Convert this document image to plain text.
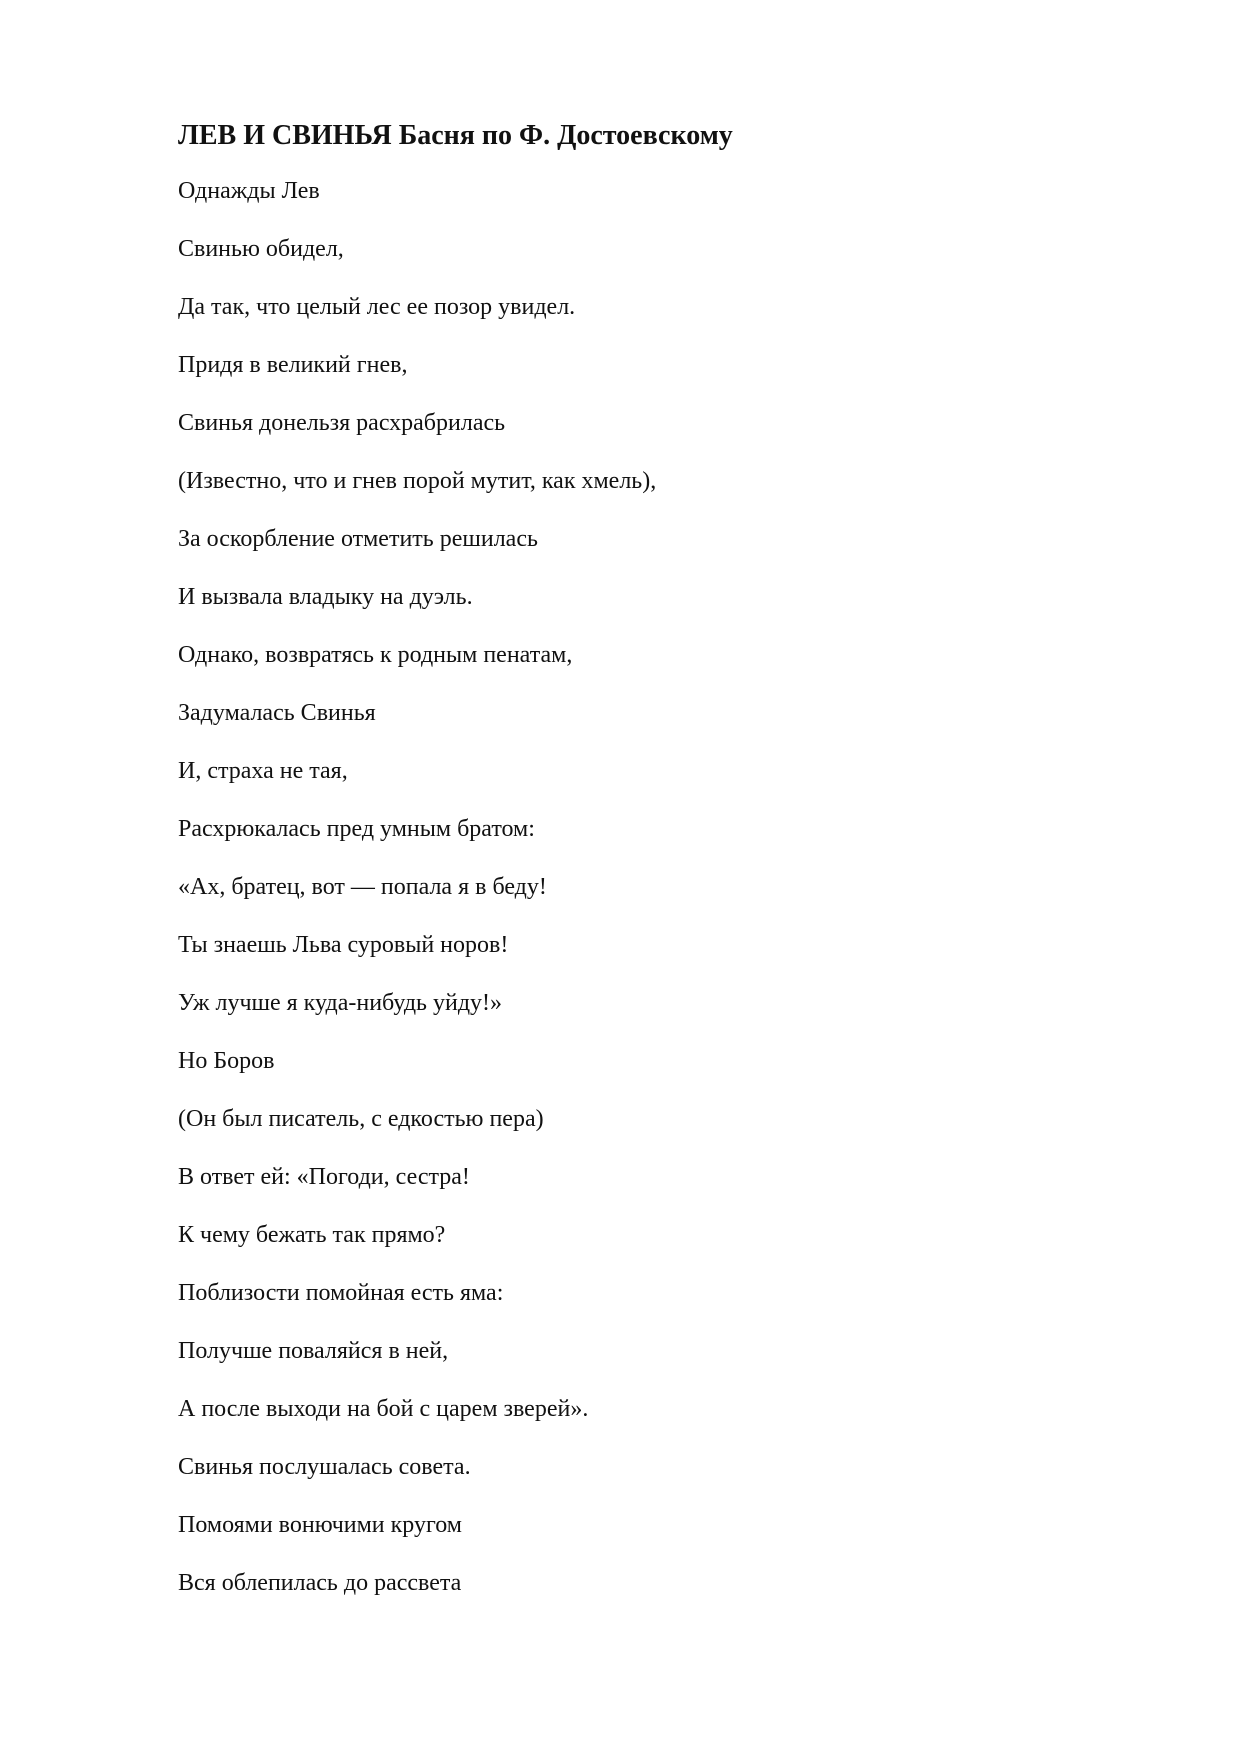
ЛЕВ И СВИНЬЯ Басня по Ф. Достоевскому
Однажды Лев
Свинью обидел,
Да так, что целый лес ее позор увидел.
Придя в великий гнев,
Свинья донельзя расхрабрилась
(Известно, что и гнев порой мутит, как хмель),
За оскорбление отметить решилась
И вызвала владыку на дуэль.
Однако, возвратясь к родным пенатам,
Задумалась Свинья
И, страха не тая,
Расхрюкалась пред умным братом:
«Ах, братец, вот — попала я в беду!
Ты знаешь Льва суровый норов!
Уж лучше я куда-нибудь уйду!»
Но Боров
(Он был писатель, с едкостью пера)
В ответ ей: «Погоди, сестра!
К чему бежать так прямо?
Поблизости помойная есть яма:
Получше поваляйся в ней,
А после выходи на бой с царем зверей».
Свинья послушалась совета.
Помоями вонючими кругом
Вся облепилась до рассвета
